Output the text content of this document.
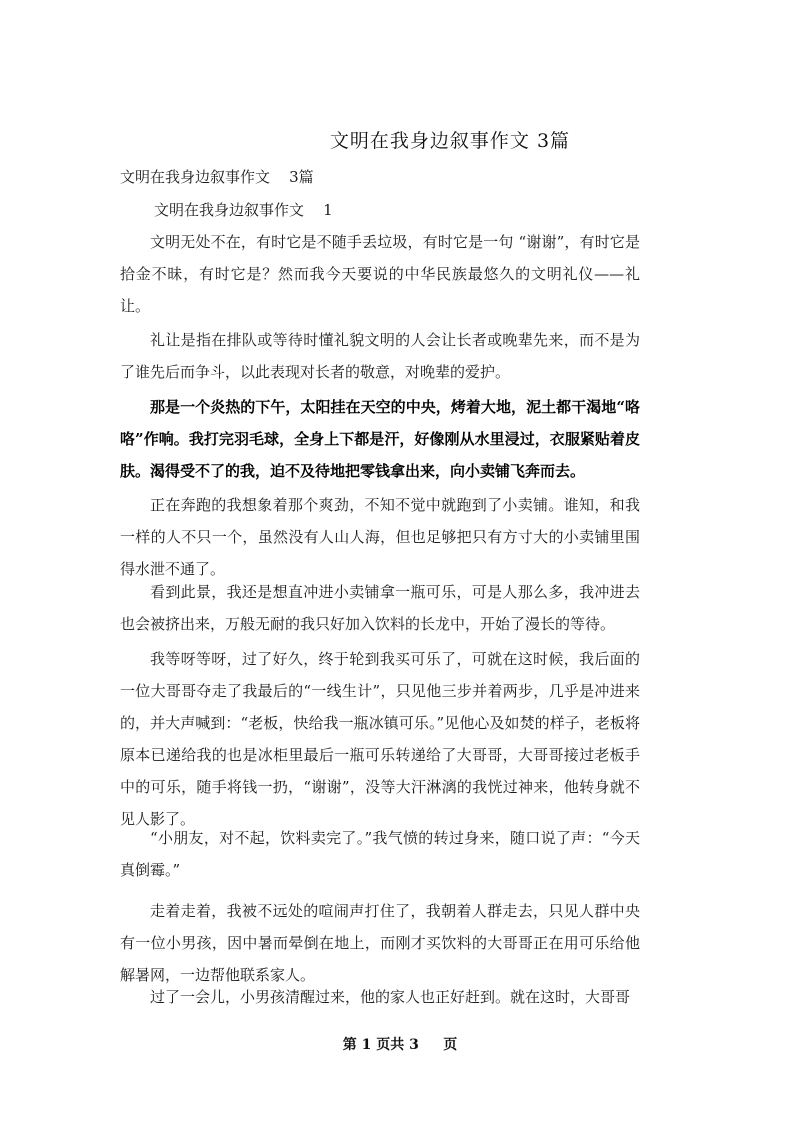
文明在我身边叙事作文 3篇
文明在我身边叙事作文    3篇
文明在我身边叙事作文    1

文明无处不在，有时它是不随手丢垃圾，有时它是一句 “谢谢”，有时它是拾金不昧，有时它是？然而我今天要说的中华民族最悠久的文明礼仪——礼让。

礼让是指在排队或等待时懂礼貌文明的人会让长者或晚辈先来，而不是为了谁先后而争斗，以此表现对长者的敬意，对晚辈的爱护。

那是一个炎热的下午，太阳挂在天空的中央，烤着大地，泥土都干渴地“咯咯”作响。我打完羽毛球，全身上下都是汗，好像刚从水里浸过，衣服紧贴着皮肤。渴得受不了的我，迫不及待地把零钱拿出来，向小卖铺飞奔而去。

正在奔跑的我想象着那个爽劲，不知不觉中就跑到了小卖铺。谁知，和我一样的人不只一个，虽然没有人山人海，但也足够把只有方寸大的小卖铺里围得水泄不通了。

看到此景，我还是想直冲进小卖铺拿一瓶可乐，可是人那么多，我冲进去也会被挤出来，万般无耐的我只好加入饮料的长龙中，开始了漫长的等待。

我等呀等呀，过了好久，终于轮到我买可乐了，可就在这时候，我后面的一位大哥哥夺走了我最后的“一线生计”，只见他三步并着两步，几乎是冲进来的，并大声喊到：“老板，快给我一瓶冰镇可乐。”见他心及如焚的样子，老板将原本已递给我的也是冰柜里最后一瓶可乐转递给了大哥哥，大哥哥接过老板手中的可乐，随手将钱一扔，“谢谢”，没等大汗淋漓的我恍过神来，他转身就不见人影了。

“小朋友，对不起，饮料卖完了。”我气愤的转过身来，随口说了声：“今天真倒霉。”

走着走着，我被不远处的喧闹声打住了，我朝着人群走去，只见人群中央有一位小男孩，因中暑而晕倒在地上，而刚才买饮料的大哥哥正在用可乐给他解暑网，一边帮他联系家人。

过了一会儿，小男孩清醒过来，他的家人也正好赶到。就在这时，大哥哥

第 1 页共 3     页
